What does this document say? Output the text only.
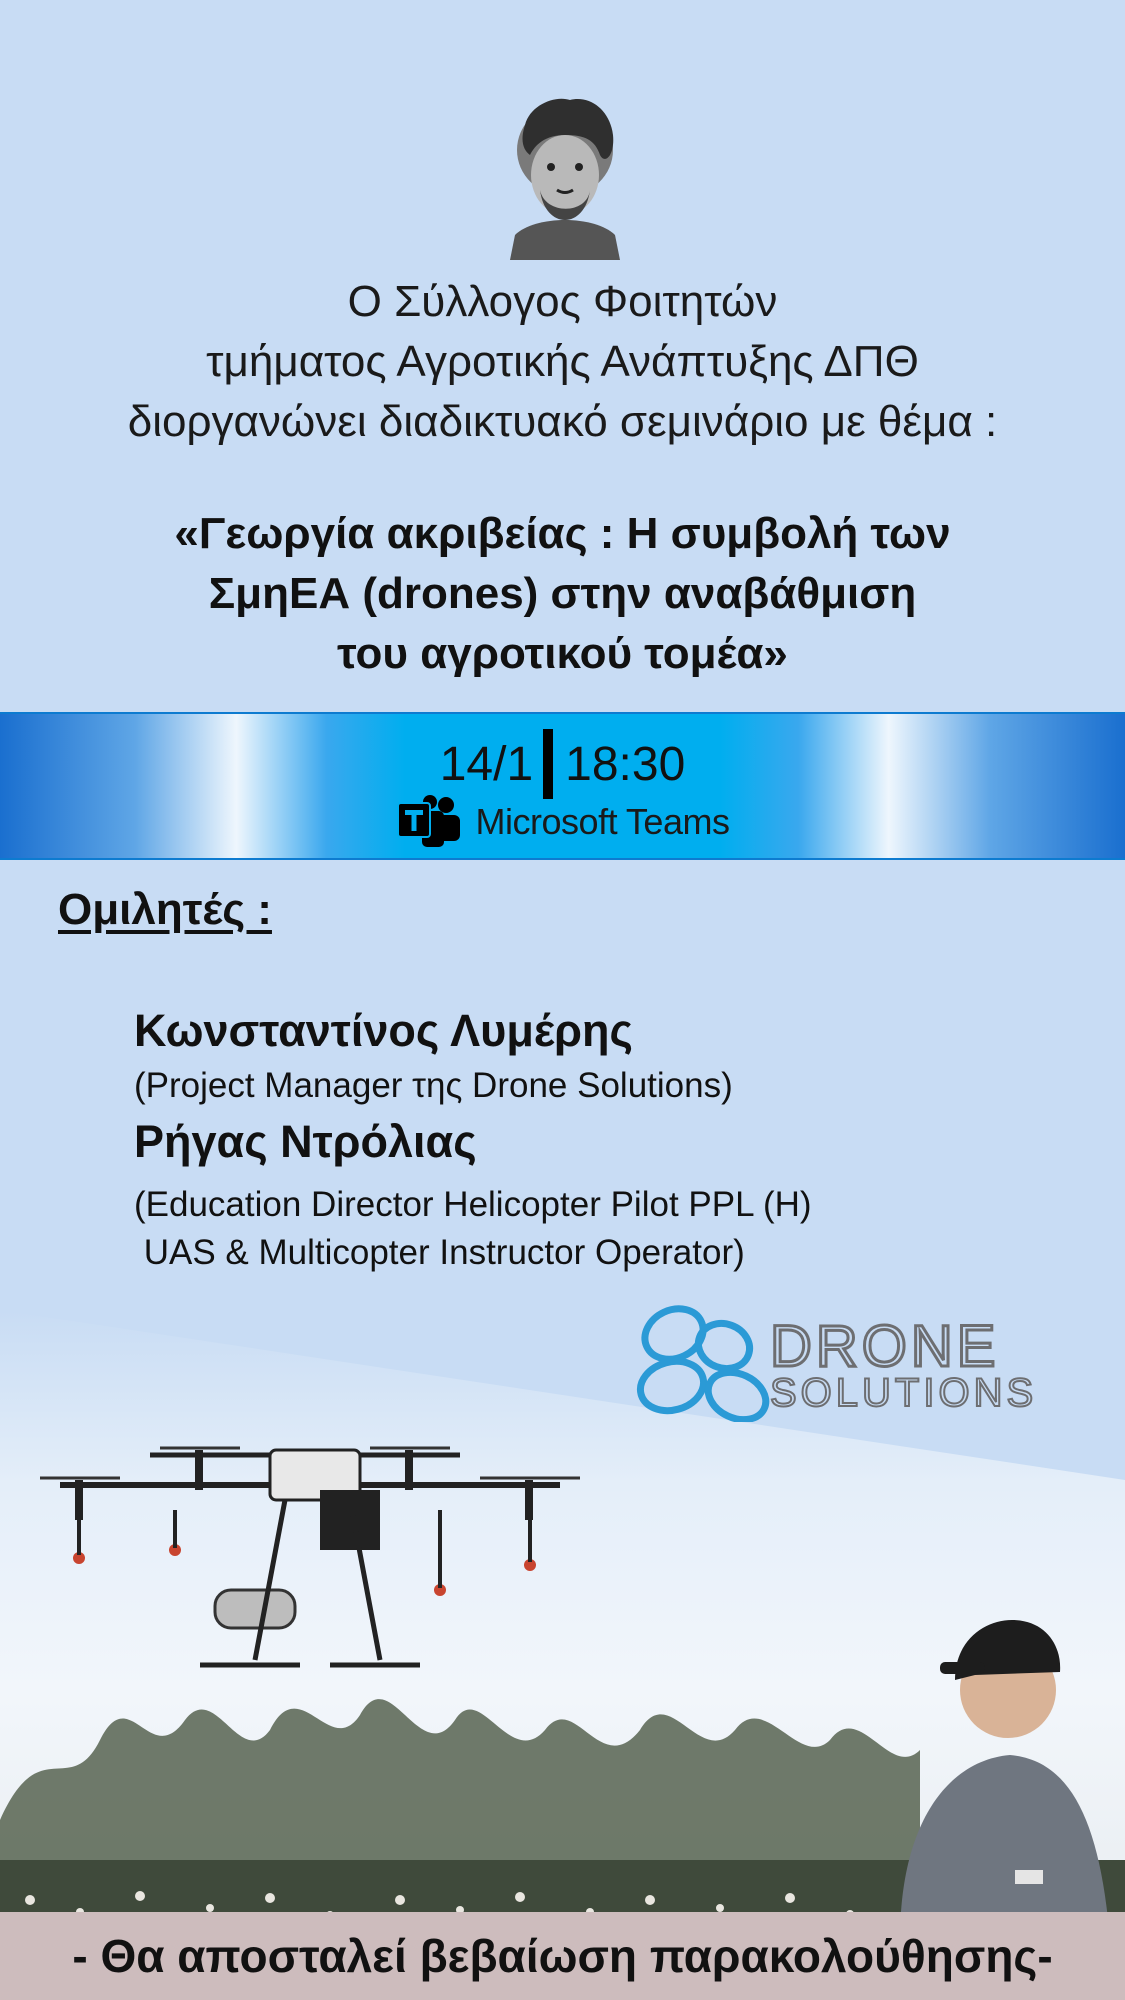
Ο Σύλλογος Φοιτητών
τμήματος Αγροτικής Ανάπτυξης ΔΠΘ
διοργανώνει διαδικτυακό σεμινάριο με θέμα :
«Γεωργία ακριβείας : Η συμβολή των
ΣμηΕΑ (drones) στην αναβάθμιση
του αγροτικού τομέα»
14/1 18:30
Microsoft Teams
Ομιλητές :
Κωνσταντίνος Λυμέρης
(Project Manager της Drone Solutions)
Ρήγας Ντρόλιας
(Education Director Helicopter Pilot PPL (H)
UAS & Multicopter Instructor Operator)
DRONE
SOLUTIONS
- Θα αποσταλεί βεβαίωση παρακολούθησης-
